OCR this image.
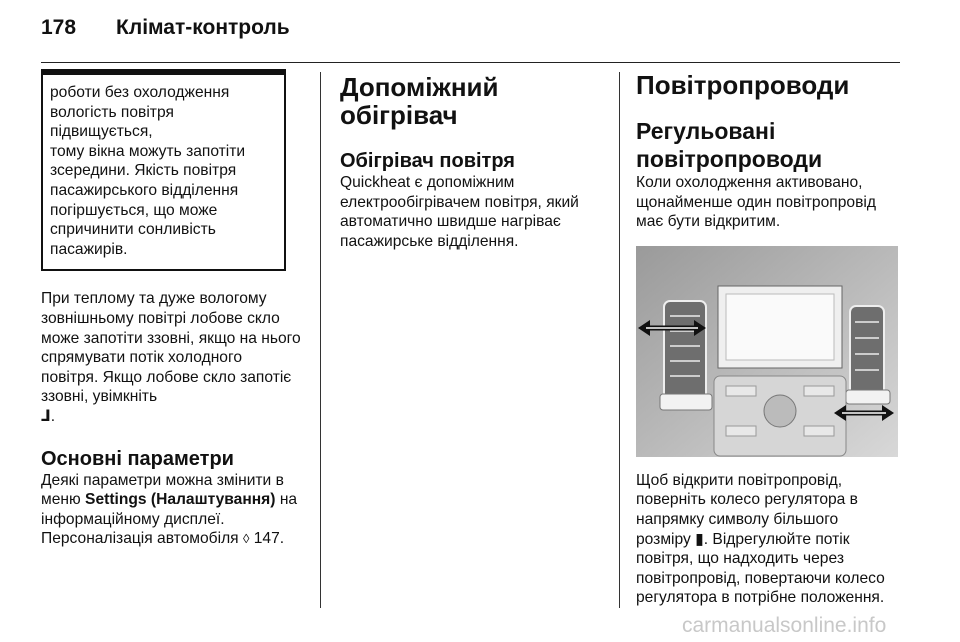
178 Клімат-контроль

роботи без охолодження

вологість повітря підвищується,

тому вікна можуть запотіти

зсередини. Якість повітря

пасажирського відділення

погіршується, що може

спричинити сонливість

пасажирів.

При теплому та дуже вологому

зовнішньому повітрі лобове скло

може запотіти ззовні, якщо на нього

спрямувати потік холодного

повітря. Якщо лобове скло запотіє

ззовні, увімкніть

ᒧ.

Основні параметри

Деякі параметри можна змінити в

меню Settings (Налаштування) на

інформаційному дисплеї.

Персоналізація автомобіля ◊ 147.

Допоміжний обігрівач
Обігрівач повітря

Quickheat є допоміжним

електрообігрівачем повітря, який

автоматично швидше нагріває

пасажирське відділення.

Повітропроводи
Регульовані
повітропроводи

Коли охолодження активовано,

щонайменше один повітропровід

має бути відкритим.

Щоб відкрити повітропровід,

поверніть колесо регулятора в

напрямку символу більшого

розміру ▮. Відрегулюйте потік

повітря, що надходить через

повітропровід, повертаючи колесо

регулятора в потрібне положення.

carmanualsonline.info
